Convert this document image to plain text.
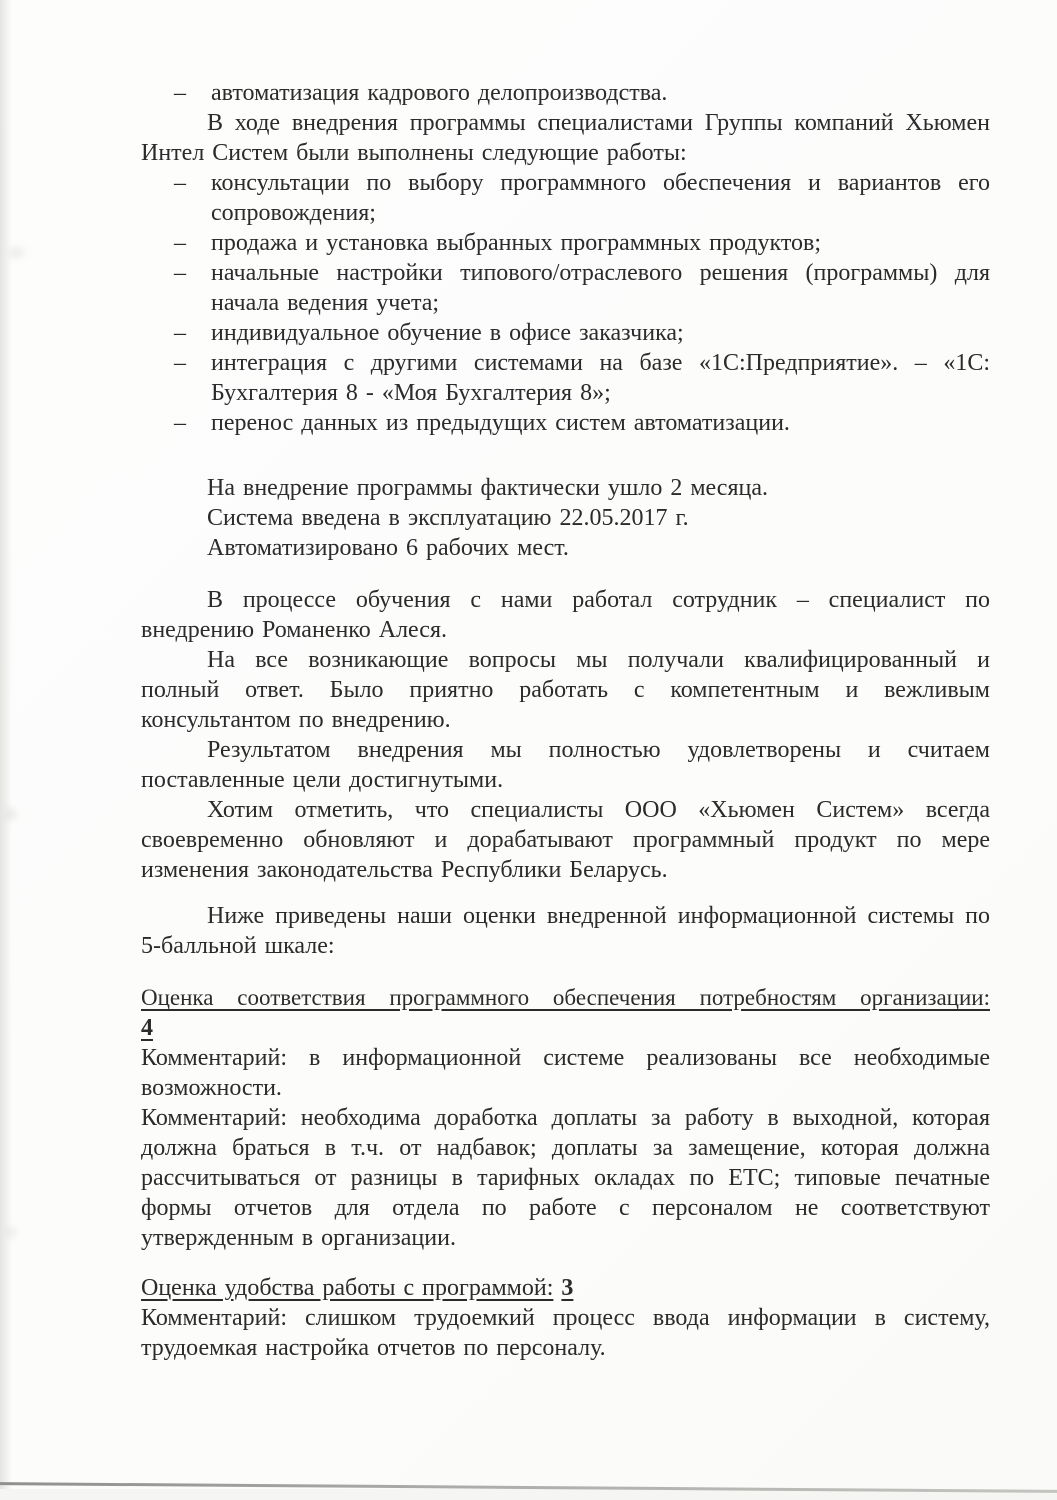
– автоматизация кадрового делопроизводства.

В ходе внедрения программы специалистами Группы компаний Хьюмен Интел Систем были выполнены следующие работы:

– консультации по выбору программного обеспечения и вариантов его сопровождения;
– продажа и установка выбранных программных продуктов;
– начальные настройки типового/отраслевого решения (программы) для начала ведения учета;
– индивидуальное обучение в офисе заказчика;
– интеграция с другими системами на базе «1С:Предприятие». – «1С: Бухгалтерия 8 - «Моя Бухгалтерия 8»;
– перенос данных из предыдущих систем автоматизации.

На внедрение программы фактически ушло 2 месяца.

Система введена в эксплуатацию 22.05.2017 г.

Автоматизировано 6 рабочих мест.

В процессе обучения с нами работал сотрудник – специалист по внедрению Романенко Алеся.

На все возникающие вопросы мы получали квалифицированный и полный ответ. Было приятно работать с компетентным и вежливым консультантом по внедрению.

Результатом внедрения мы полностью удовлетворены и считаем поставленные цели достигнутыми.

Хотим отметить, что специалисты ООО «Хьюмен Систем» всегда своевременно обновляют и дорабатывают программный продукт по мере изменения законодательства Республики Беларусь.

Ниже приведены наши оценки внедренной информационной системы по 5-балльной шкале:

Оценка соответствия программного обеспечения потребностям организации:

4

Комментарий: в информационной системе реализованы все необходимые возможности.

Комментарий: необходима доработка доплаты за работу в выходной, которая должна браться в т.ч. от надбавок; доплаты за замещение, которая должна рассчитываться от разницы в тарифных окладах по ЕТС; типовые печатные формы отчетов для отдела по работе с персоналом не соответствуют утвержденным в организации.

Оценка удобства работы с программой: 3

Комментарий: слишком трудоемкий процесс ввода информации в систему, трудоемкая настройка отчетов по персоналу.
